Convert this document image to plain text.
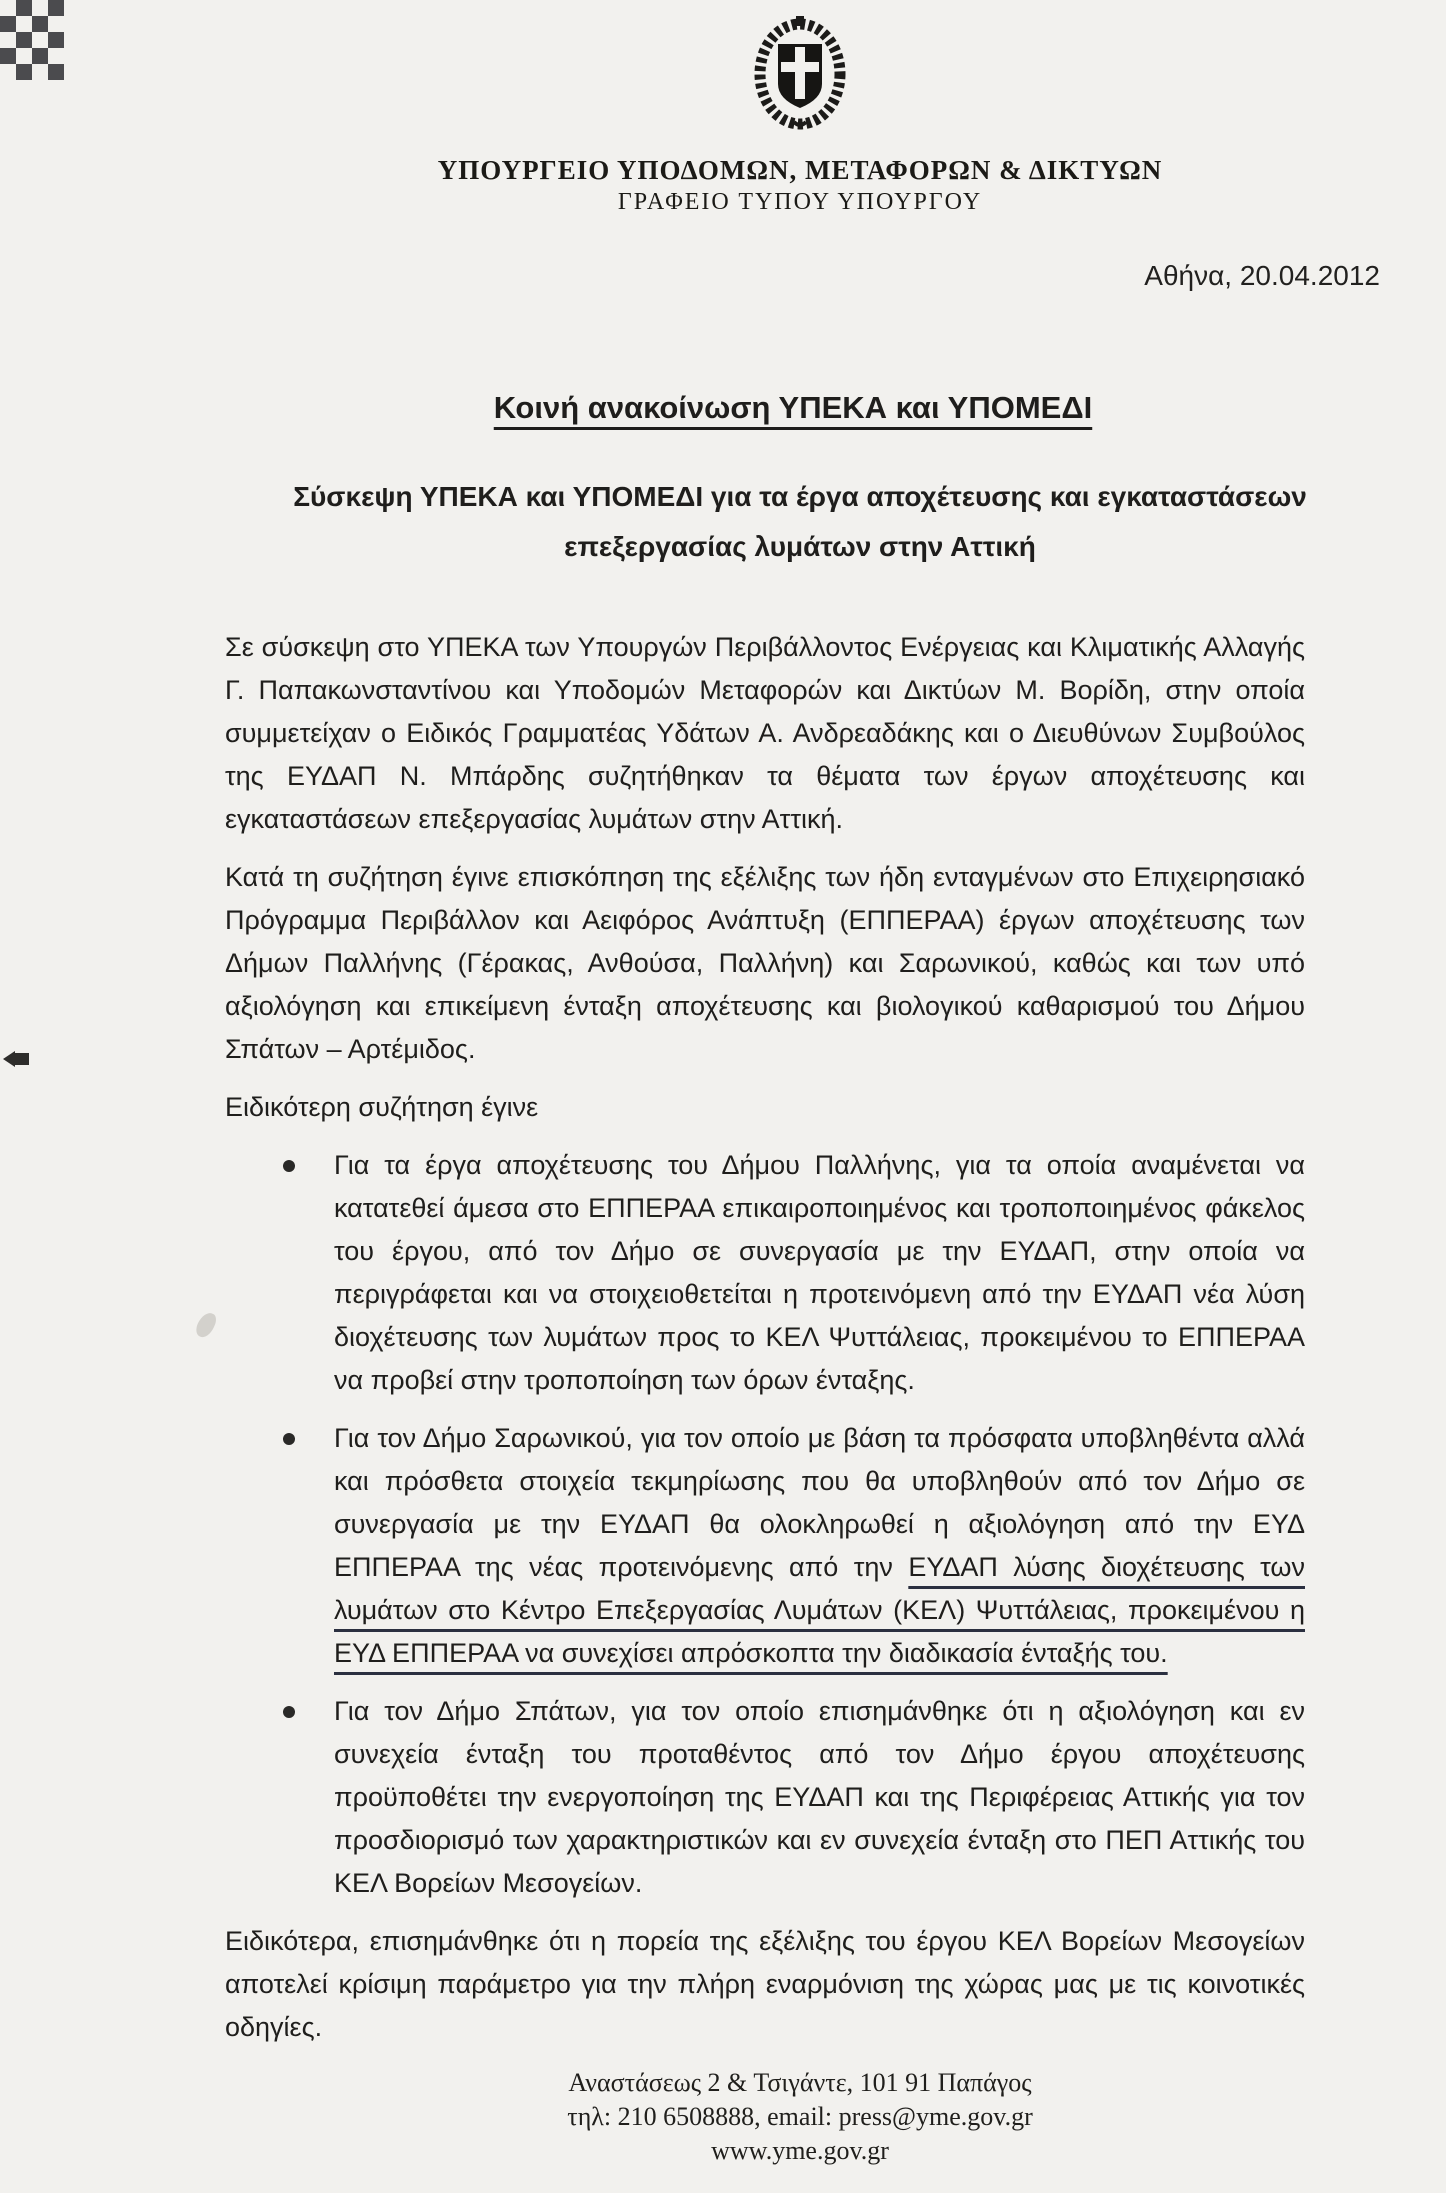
ΥΠΟΥΡΓΕΙΟ ΥΠΟΔΟΜΩΝ, ΜΕΤΑΦΟΡΩΝ & ΔΙΚΤΥΩΝ
ΓΡΑΦΕΙΟ ΤΥΠΟΥ ΥΠΟΥΡΓΟΥ
Αθήνα, 20.04.2012
Κοινή ανακοίνωση ΥΠΕΚΑ και ΥΠΟΜΕΔΙ
Σύσκεψη ΥΠΕΚΑ και ΥΠΟΜΕΔΙ για τα έργα αποχέτευσης και εγκαταστάσεων επεξεργασίας λυμάτων στην Αττική

Σε σύσκεψη στο ΥΠΕΚΑ των Υπουργών Περιβάλλοντος Ενέργειας και Κλιματικής Αλλαγής Γ. Παπακωνσταντίνου και Υποδομών Μεταφορών και Δικτύων Μ. Βορίδη, στην οποία συμμετείχαν ο Ειδικός Γραμματέας Υδάτων Α. Ανδρεαδάκης και ο Διευθύνων Συμβούλος της ΕΥΔΑΠ Ν. Μπάρδης συζητήθηκαν τα θέματα των έργων αποχέτευσης και εγκαταστάσεων επεξεργασίας λυμάτων στην Αττική.

Κατά τη συζήτηση έγινε επισκόπηση της εξέλιξης των ήδη ενταγμένων στο Επιχειρησιακό Πρόγραμμα Περιβάλλον και Αειφόρος Ανάπτυξη (ΕΠΠΕΡΑΑ) έργων αποχέτευσης των Δήμων Παλλήνης (Γέρακας, Ανθούσα, Παλλήνη) και Σαρωνικού, καθώς και των υπό αξιολόγηση και επικείμενη ένταξη αποχέτευσης και βιολογικού καθαρισμού του Δήμου Σπάτων – Αρτέμιδος.

Ειδικότερη συζήτηση έγινε

Για τα έργα αποχέτευσης του Δήμου Παλλήνης, για τα οποία αναμένεται να κατατεθεί άμεσα στο ΕΠΠΕΡΑΑ επικαιροποιημένος και τροποποιημένος φάκελος του έργου, από τον Δήμο σε συνεργασία με την ΕΥΔΑΠ, στην οποία να περιγράφεται και να στοιχειοθετείται η προτεινόμενη από την ΕΥΔΑΠ νέα λύση διοχέτευσης των λυμάτων προς το ΚΕΛ Ψυττάλειας, προκειμένου το ΕΠΠΕΡΑΑ να προβεί στην τροποποίηση των όρων ένταξης.
Για τον Δήμο Σαρωνικού, για τον οποίο με βάση τα πρόσφατα υποβληθέντα αλλά και πρόσθετα στοιχεία τεκμηρίωσης που θα υποβληθούν από τον Δήμο σε συνεργασία με την ΕΥΔΑΠ θα ολοκληρωθεί η αξιολόγηση από την ΕΥΔ ΕΠΠΕΡΑΑ της νέας προτεινόμενης από την ΕΥΔΑΠ λύσης διοχέτευσης των λυμάτων στο Κέντρο Επεξεργασίας Λυμάτων (ΚΕΛ) Ψυττάλειας, προκειμένου η ΕΥΔ ΕΠΠΕΡΑΑ να συνεχίσει απρόσκοπτα την διαδικασία ένταξής του.
Για τον Δήμο Σπάτων, για τον οποίο επισημάνθηκε ότι η αξιολόγηση και εν συνεχεία ένταξη του προταθέντος από τον Δήμο έργου αποχέτευσης προϋποθέτει την ενεργοποίηση της ΕΥΔΑΠ και της Περιφέρειας Αττικής για τον προσδιορισμό των χαρακτηριστικών και εν συνεχεία ένταξη στο ΠΕΠ Αττικής του ΚΕΛ Βορείων Μεσογείων.

Ειδικότερα, επισημάνθηκε ότι η πορεία της εξέλιξης του έργου ΚΕΛ Βορείων Μεσογείων αποτελεί κρίσιμη παράμετρο για την πλήρη εναρμόνιση της χώρας μας με τις κοινοτικές οδηγίες.

Αναστάσεως 2 & Τσιγάντε, 101 91 Παπάγος
τηλ: 210 6508888, email: press@yme.gov.gr
www.yme.gov.gr
